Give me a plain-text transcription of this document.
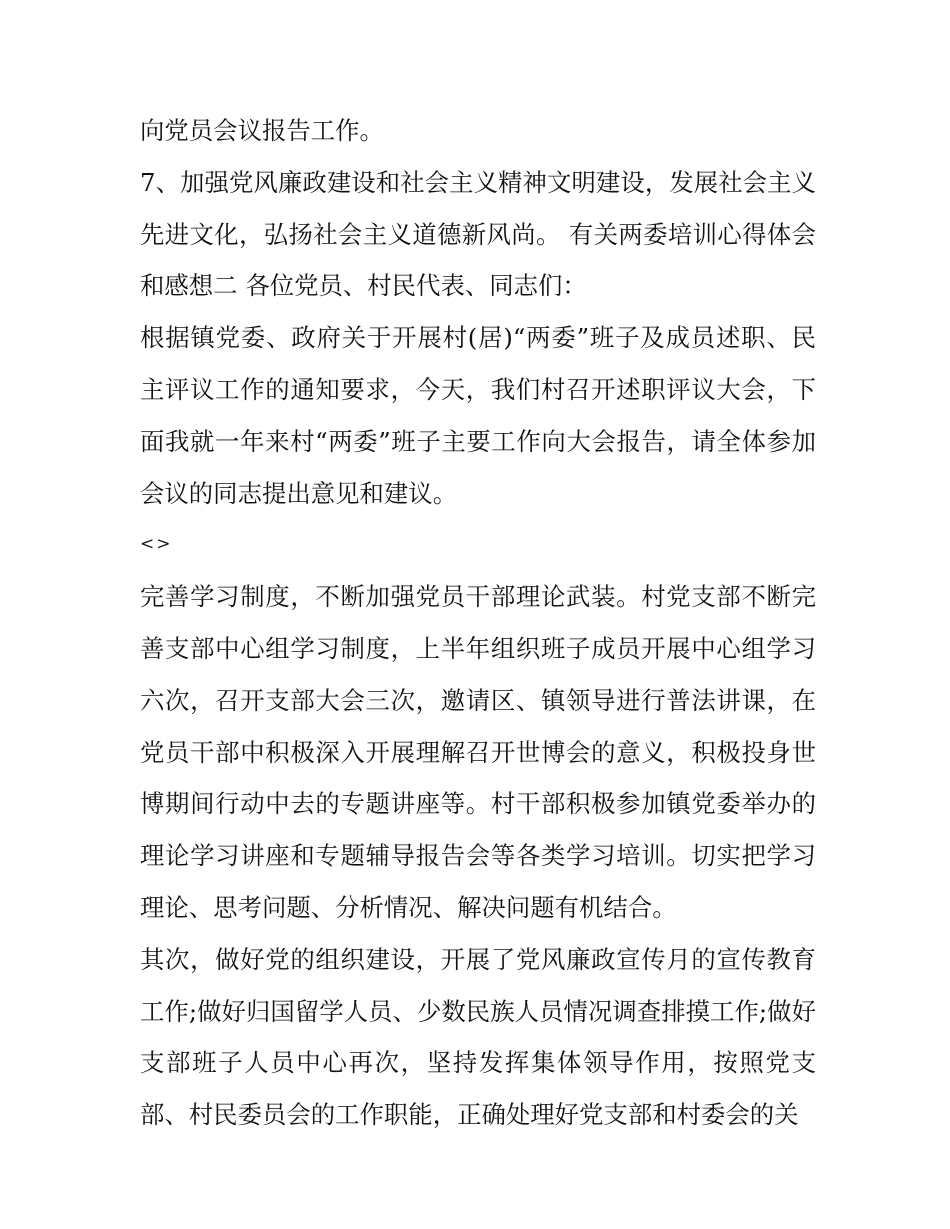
向党员会议报告工作。

7、加强党风廉政建设和社会主义精神文明建设，发展社会主义先进文化，弘扬社会主义道德新风尚。 有关两委培训心得体会和感想二 各位党员、村民代表、同志们：

根据镇党委、政府关于开展村(居)“两委”班子及成员述职、民主评议工作的通知要求，今天，我们村召开述职评议大会，下面我就一年来村“两委”班子主要工作向大会报告，请全体参加会议的同志提出意见和建议。

<>

完善学习制度，不断加强党员干部理论武装。村党支部不断完善支部中心组学习制度，上半年组织班子成员开展中心组学习六次，召开支部大会三次，邀请区、镇领导进行普法讲课，在党员干部中积极深入开展理解召开世博会的意义，积极投身世博期间行动中去的专题讲座等。村干部积极参加镇党委举办的理论学习讲座和专题辅导报告会等各类学习培训。切实把学习理论、思考问题、分析情况、解决问题有机结合。

其次，做好党的组织建设，开展了党风廉政宣传月的宣传教育工作;做好归国留学人员、少数民族人员情况调查排摸工作;做好支部班子人员中心再次，坚持发挥集体领导作用，按照党支部、村民委员会的工作职能，正确处理好党支部和村委会的关
